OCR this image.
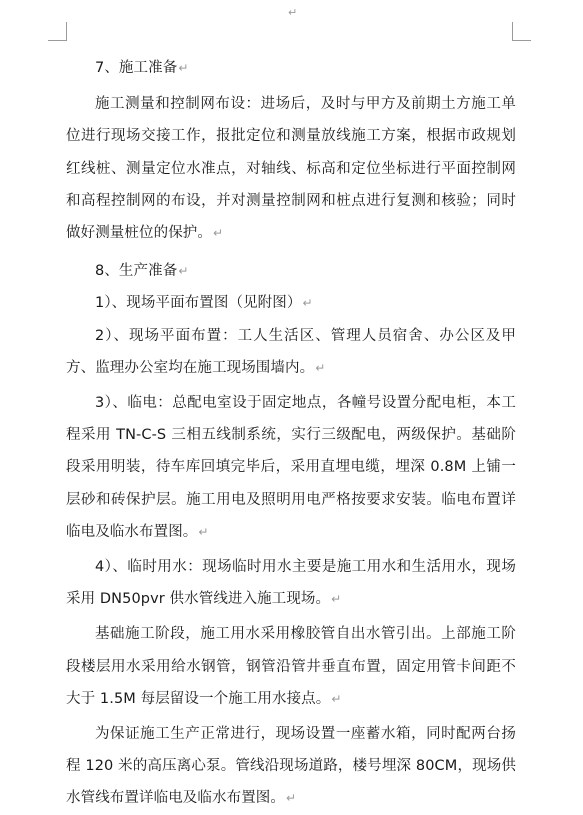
↵

7、施工准备↵

施工测量和控制网布设：进场后，及时与甲方及前期土方施工单位进行现场交接工作，报批定位和测量放线施工方案，根据市政规划红线桩、测量定位水准点，对轴线、标高和定位坐标进行平面控制网和高程控制网的布设，并对测量控制网和桩点进行复测和核验；同时做好测量桩位的保护。↵

8、生产准备↵

1）、现场平面布置图（见附图）↵

2）、现场平面布置：工人生活区、管理人员宿舍、办公区及甲方、监理办公室均在施工现场围墙内。↵

3）、临电：总配电室设于固定地点，各幢号设置分配电柜，本工程采用 TN-C-S 三相五线制系统，实行三级配电，两级保护。基础阶段采用明装，待车库回填完毕后，采用直埋电缆，埋深 0.8M 上铺一层砂和砖保护层。施工用电及照明用电严格按要求安装。临电布置详临电及临水布置图。↵

4）、临时用水：现场临时用水主要是施工用水和生活用水，现场采用 DN50pvr 供水管线进入施工现场。↵

基础施工阶段，施工用水采用橡胶管自出水管引出。上部施工阶段楼层用水采用给水钢管，钢管沿管井垂直布置，固定用管卡间距不大于 1.5M 每层留设一个施工用水接点。↵

为保证施工生产正常进行，现场设置一座蓄水箱，同时配两台扬程 120 米的高压离心泵。管线沿现场道路，楼号埋深 80CM，现场供水管线布置详临电及临水布置图。↵
